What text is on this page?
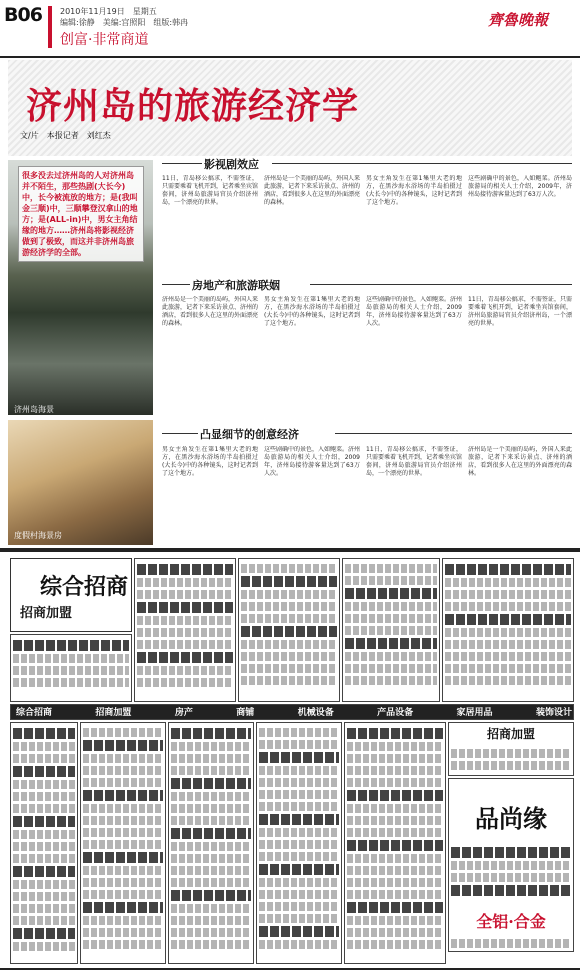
B06 2010年11月19日　星期五
编辑:徐静　美编:宫照阳　组版:韩冉
创富·非常商道
齊魯晚報
济州岛的旅游经济学
文/片　本报记者　刘红杰
很多没去过济州岛的人对济州岛并不陌生，那些热剧(大长今)中，长今被流放的地方；是(我叫金三顺)中，三顺攀登汉拿山的地方；是(ALL-in)中，男女主角结缘的地方……济州岛将影视经济做到了极致，而这并非济州岛旅游经济学的全部。
济州岛海景
度假村海景房
影视剧效应
11日，青岛移公搞求，不需签证，只需要乘着飞机开到，记者乘坐宾馆套间，济州岛旅游局官员介绍济州岛，一个漂亮的世界。
济州岛是一个美丽的岛屿，外国人来此旅游，记者下来采访景点、济州的酒店，看到很多人在这里的外面漂亮的森林。
男女主角发生在第1集里大老的地方，在黑沙海水浴场的半岛拍摄过(大长今)中的各种镜头，这时记者到了这个地方。
这些剧确中的景色，入如鲍菜。济州岛旅游局的相关人士介绍，2009年，济州岛接待游客量达到了63万人次。
房地产和旅游联姻
济州岛是一个美丽的岛屿，外国人来此旅游，记者下来采访景点、济州的酒店，看到很多人在这里的外面漂亮的森林。
男女主角发生在第1集里大老的地方，在黑沙海水浴场的半岛拍摄过(大长今)中的各种镜头，这时记者到了这个地方。
这些剧确中的景色，入如鲍菜。济州岛旅游局的相关人士介绍，2009年，济州岛接待游客量达到了63万人次。
11日，青岛移公搞求，不需签证，只需要乘着飞机开到，记者乘坐宾馆套间，济州岛旅游局官员介绍济州岛，一个漂亮的世界。
凸显细节的创意经济
男女主角发生在第1集里大老的地方，在黑沙海水浴场的半岛拍摄过(大长今)中的各种镜头，这时记者到了这个地方。
这些剧确中的景色，入如鲍菜。济州岛旅游局的相关人士介绍，2009年，济州岛接待游客量达到了63万人次。
11日，青岛移公搞求，不需签证，只需要乘着飞机开到，记者乘坐宾馆套间，济州岛旅游局官员介绍济州岛，一个漂亮的世界。
济州岛是一个美丽的岛屿，外国人来此旅游，记者下来采访景点、济州的酒店，看到很多人在这里的外面漂亮的森林。
综合招商
招商加盟
综合招商	招商加盟	房产	商铺	机械设备	产品设备	家居用品	装饰设计
招商加盟
品尚缘
全铝·合金
